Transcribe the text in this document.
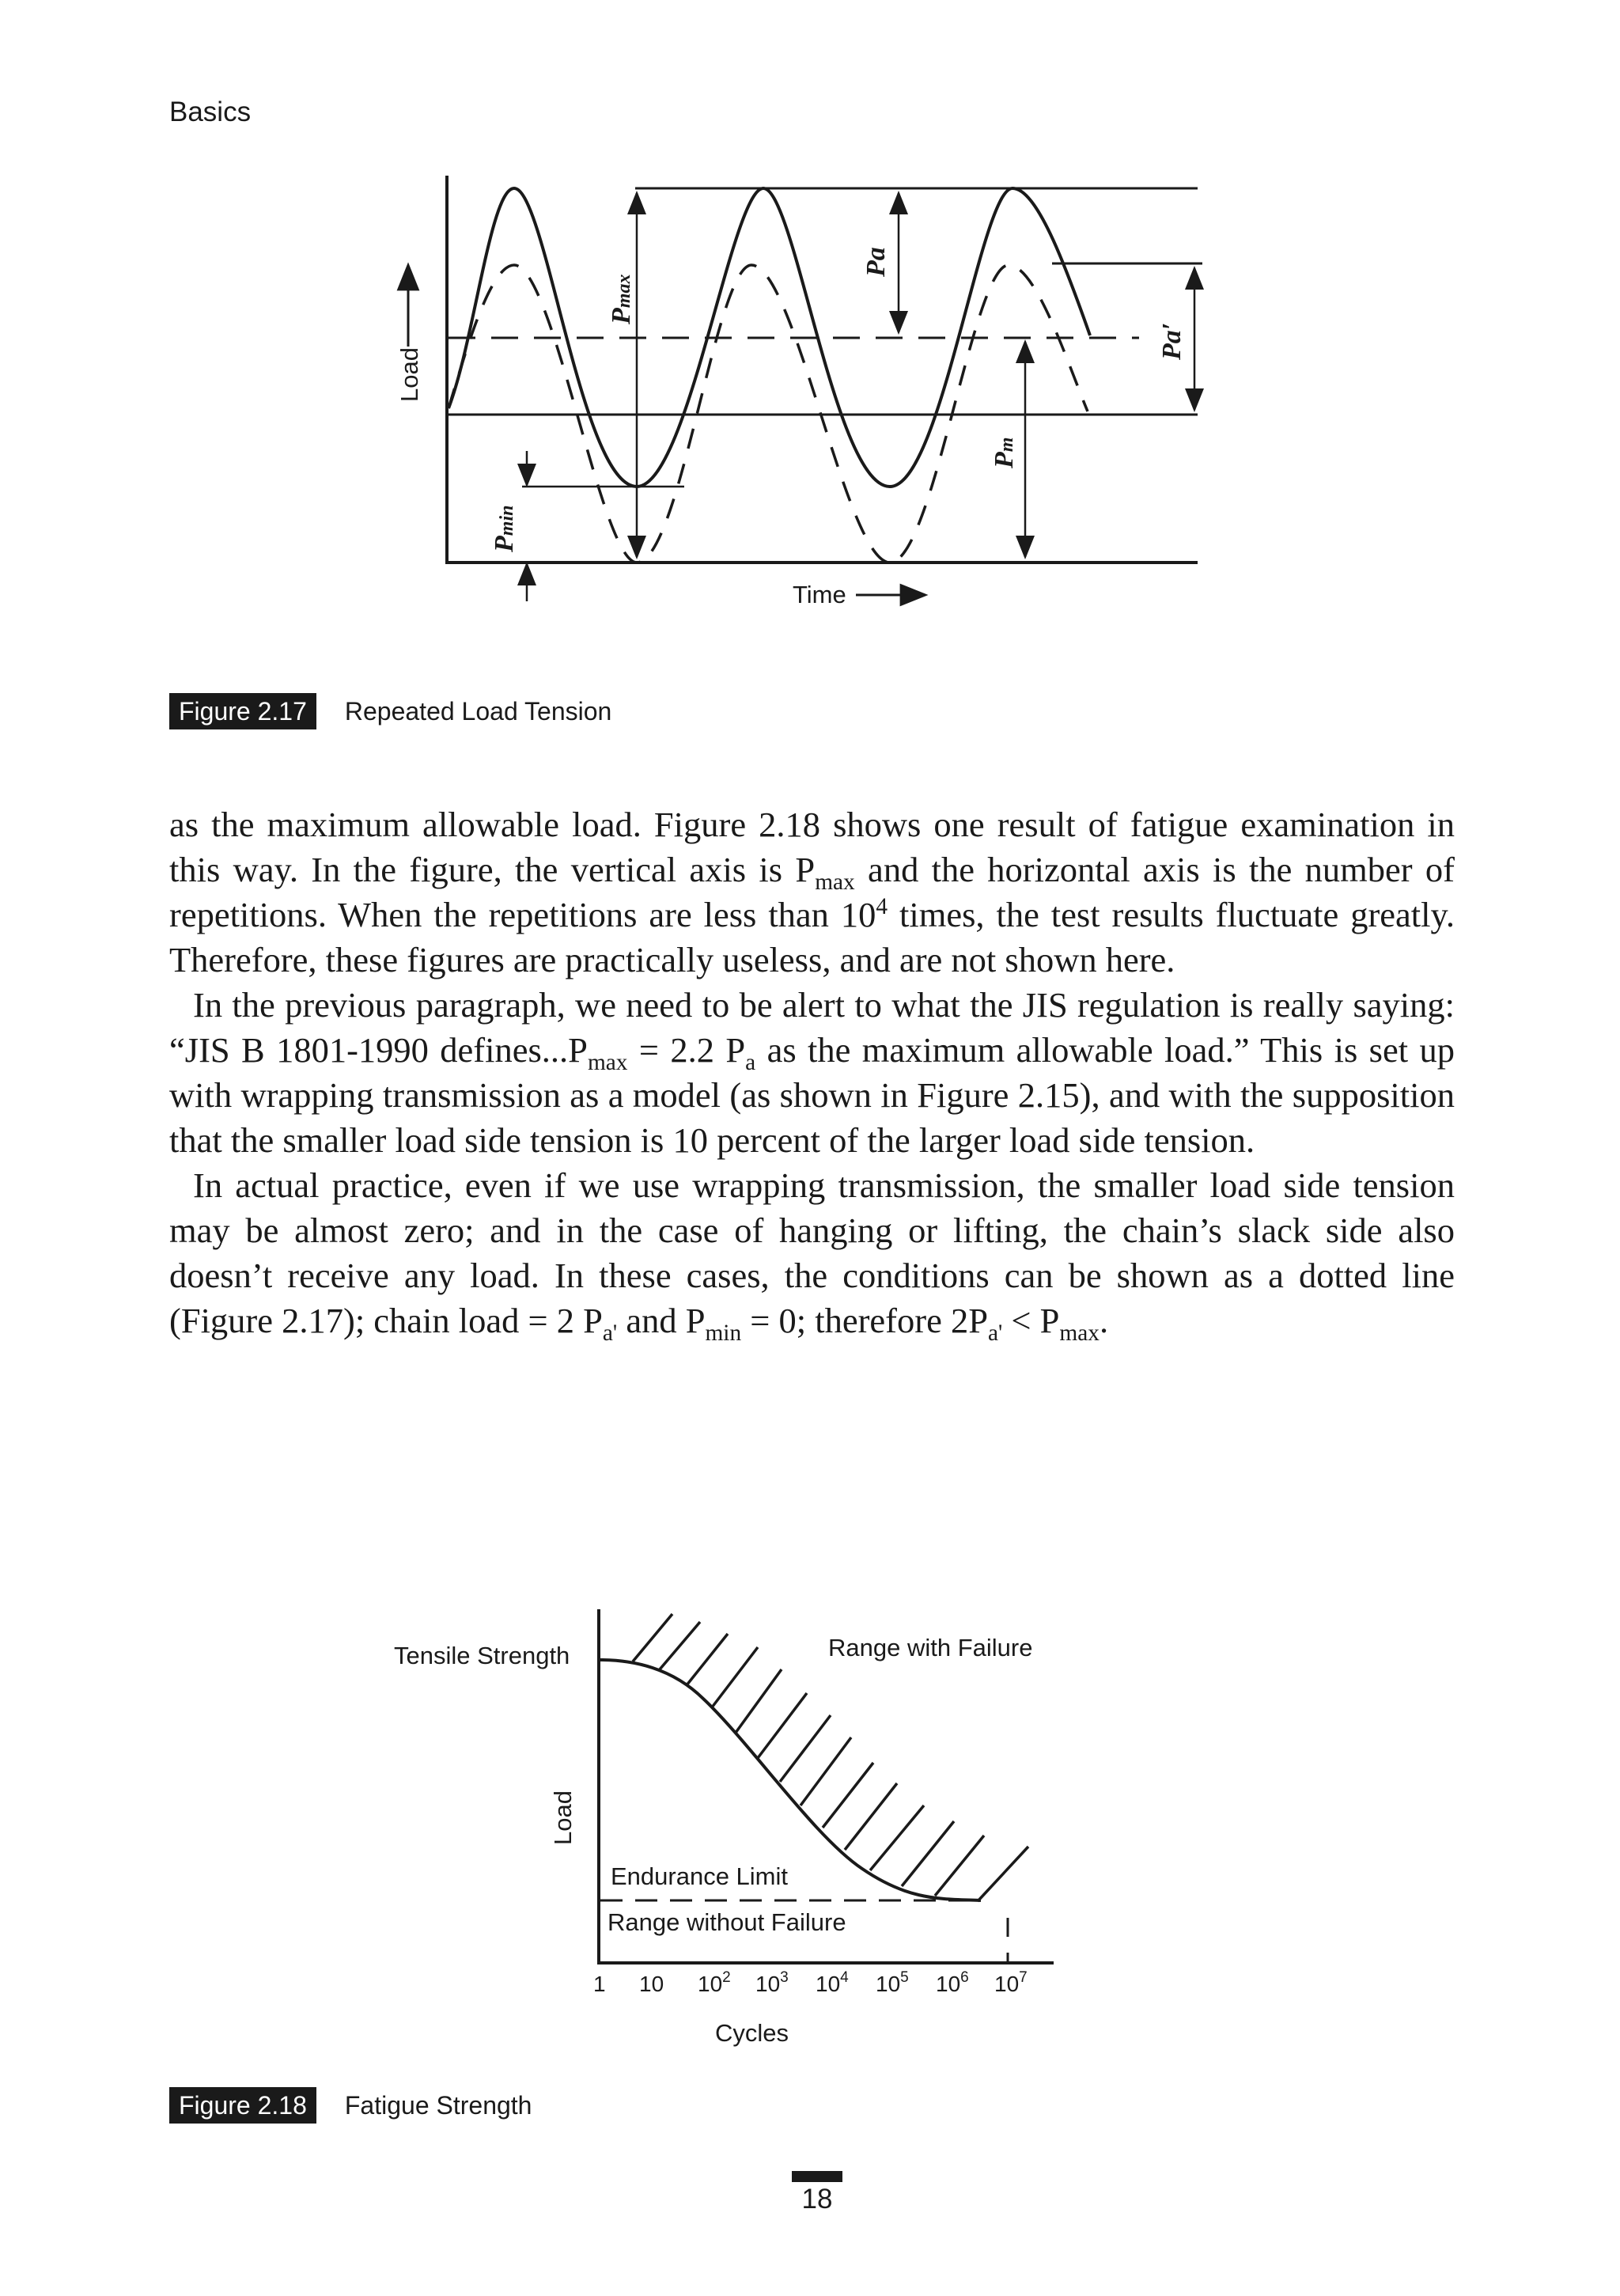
Basics
Load
Time
Pmax
Pa
Pa′
Pm
Pmin
Figure 2.17	Repeated Load Tension

as the maximum allowable load. Figure 2.18 shows one result of fatigue examination in this way. In the figure, the vertical axis is $P_{max}$ and the horizontal axis is the number of repetitions. When the repetitions are less than $10^4$ times, the test results fluctuate greatly. Therefore, these figures are practically useless, and are not shown here.

In the previous paragraph, we need to be alert to what the JIS regulation is really saying: “JIS B 1801-1990 $defines...P_{max} = 2.2$ $P_a$ as the maximum allowable load.” This is set up with wrapping transmission as a model (as shown in Figure 2.15), and with the supposition that the smaller load side tension is 10 percent of the larger load side tension.

In actual practice, even if we use wrapping transmission, the smaller load side tension may be almost zero; and in the case of hanging or lifting, the chain’s slack side also doesn’t receive any load. In these cases, the conditions can be shown as a dotted line (Figure 2.17); chain load = 2 $P_{a'}$ and $P_{min} = 0$; therefore $2P_{a'} < P_{max}$.

Tensile Strength	Range with Failure
Load
Endurance Limit
Range without Failure
Cycles
1 10 $10^2$ $10^3$ $10^4$ $10^5$ $10^6$ $10^7$
Figure 2.18	Fatigue Strength
18
